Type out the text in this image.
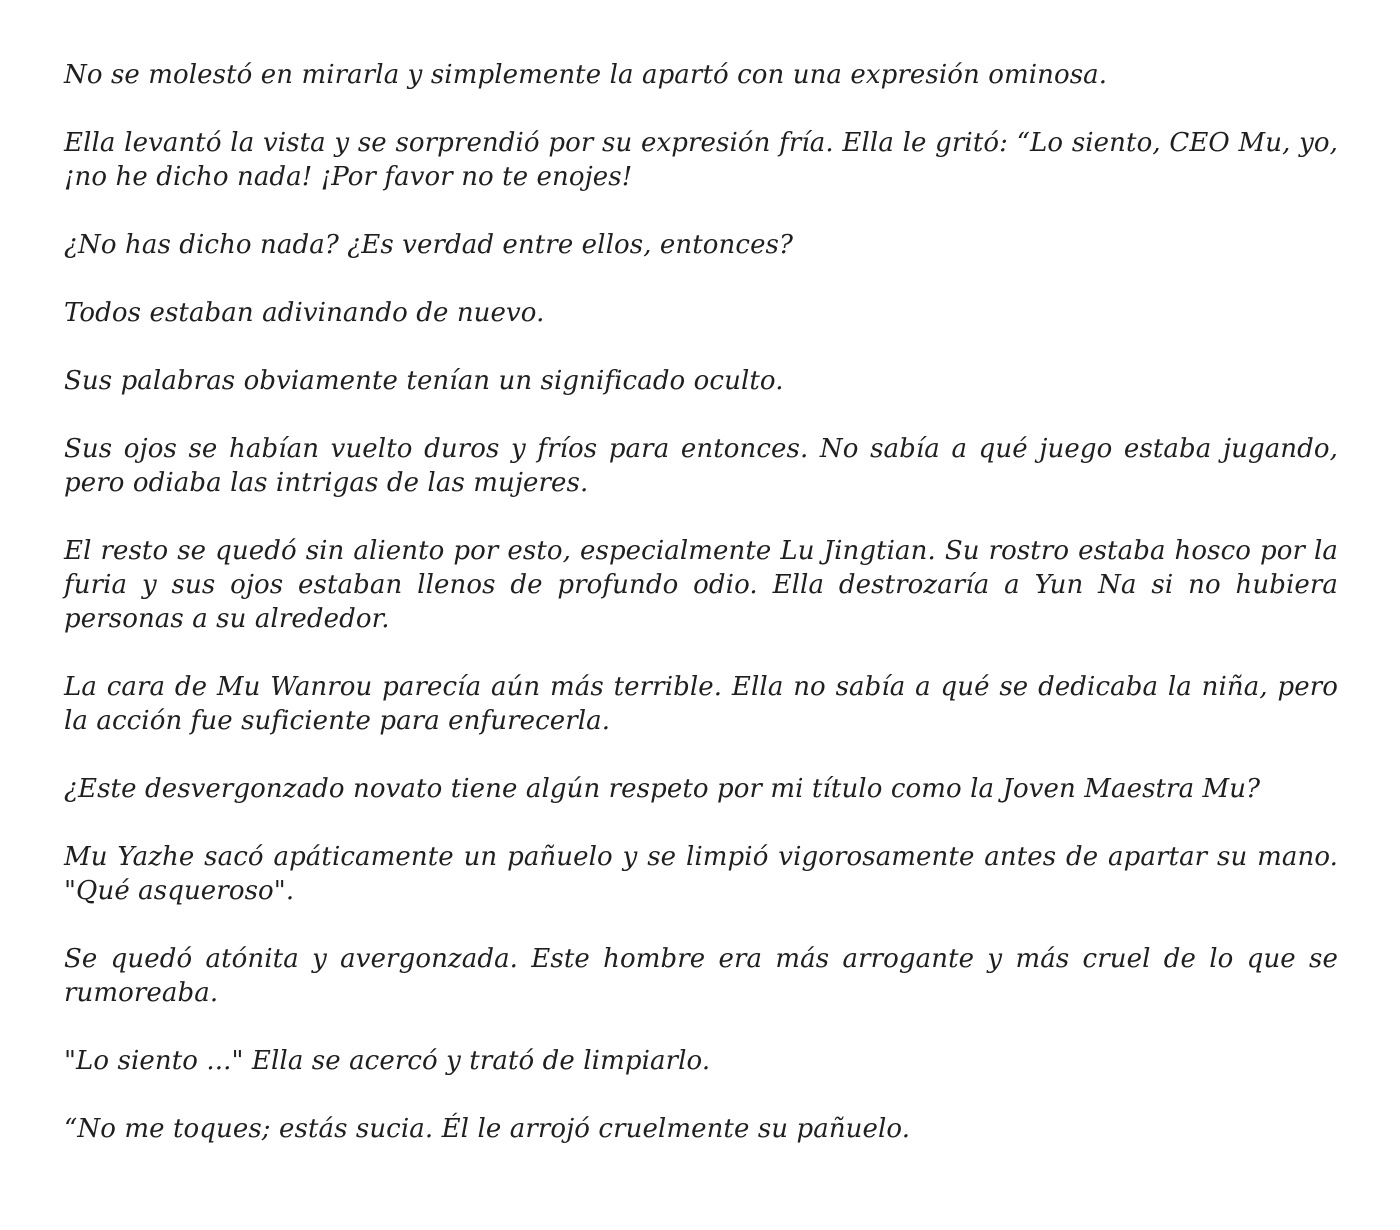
No se molestó en mirarla y simplemente la apartó con una expresión ominosa.

Ella levantó la vista y se sorprendió por su expresión fría. Ella le gritó: “Lo siento, CEO Mu, yo, ¡no he dicho nada! ¡Por favor no te enojes!

¿No has dicho nada? ¿Es verdad entre ellos, entonces?

Todos estaban adivinando de nuevo.

Sus palabras obviamente tenían un significado oculto.

Sus ojos se habían vuelto duros y fríos para entonces. No sabía a qué juego estaba jugando, pero odiaba las intrigas de las mujeres.

El resto se quedó sin aliento por esto, especialmente Lu Jingtian. Su rostro estaba hosco por la furia y sus ojos estaban llenos de profundo odio. Ella destrozaría a Yun Na si no hubiera personas a su alrededor.

La cara de Mu Wanrou parecía aún más terrible. Ella no sabía a qué se dedicaba la niña, pero la acción fue suficiente para enfurecerla.

¿Este desvergonzado novato tiene algún respeto por mi título como la Joven Maestra Mu?

Mu Yazhe sacó apáticamente un pañuelo y se limpió vigorosamente antes de apartar su mano. "Qué asqueroso".

Se quedó atónita y avergonzada. Este hombre era más arrogante y más cruel de lo que se rumoreaba.

"Lo siento ..." Ella se acercó y trató de limpiarlo.

“No me toques; estás sucia. Él le arrojó cruelmente su pañuelo.
